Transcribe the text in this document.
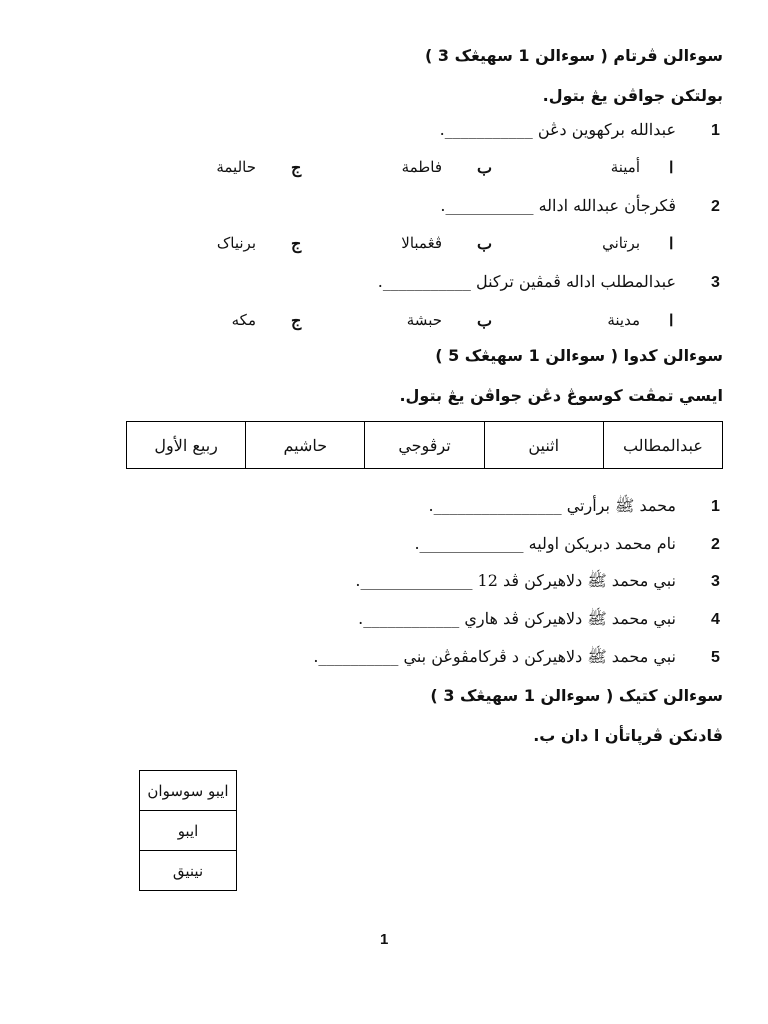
سوءالن ڤرتام ( سوءالن 1 سهيڠک 3 )
بولتکن جواڤن يڠ بتول.
1
عبدالله برکهوين دڠن ___________.
ا
أمينة
ب
فاطمة
ج
حاليمة
2
ڤکرجأن عبدالله اداله ___________.
ا
برتاني
ب
ڤڠمبالا
ج
برنياک
3
عبدالمطلب اداله ڤمڤين ترکنل ___________.
ا
مدينة
ب
حبشة
ج
مکه
سوءالن کدوا ( سوءالن 1 سهيڠک 5 )
ايسي تمڤت کوسوڠ دڠن جواڤن يڠ بتول.
عبدالمطالب	اثنين	ترڤوجي	حاشيم	ربيع الأول
1
محمد ﷺ برأرتي ________________.
2
نام محمد دبريکن اوليه _____________.
3
نبي محمد ﷺ دلاهيرکن ڤد 12 ______________.
4
نبي محمد ﷺ دلاهيرکن ڤد هاري ____________.
5
نبي محمد ﷺ دلاهيرکن د ڤرکامڤوڠن بني __________.
سوءالن کتيک ( سوءالن 1 سهيڠک 3 )
ڤادنکن ڤرڽاتأن ا دان ب.
ايبو سوسوان
ايبو
نينيق
1
